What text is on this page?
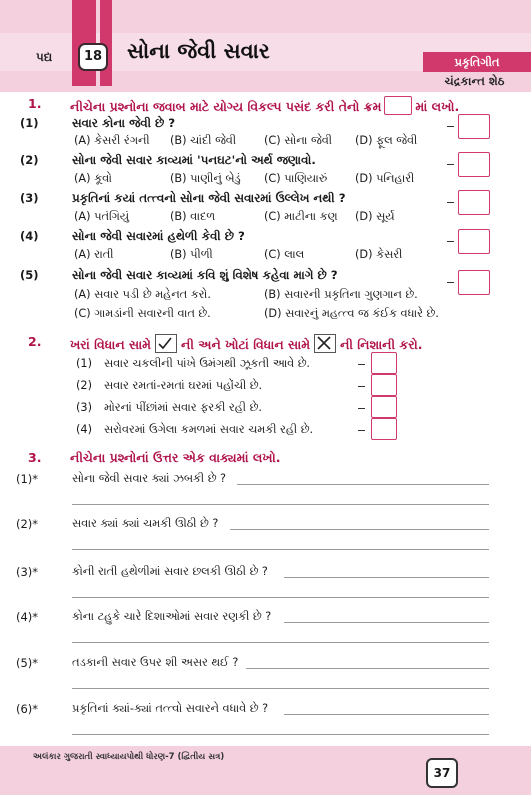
પદ્ય	18 સોના જેવી સવાર	પ્રકૃતિગીત
ચંદ્રકાન્ત શેઠ
1. નીચેના પ્રશ્નોના જવાબ માટે યોગ્ય વિકલ્પ પસંદ કરી તેનો ક્રમ	માં લખો.
(1)	સવાર કોના જેવી છે ?
(A) કેસરી રંગની (B) ચાંદી જેવી (C) સોના જેવી (D) ફૂલ જેવી
(2)	સોના જેવી સવાર કાવ્યમાં 'પનઘટ'નો અર્થ જણાવો.
(A) કૂવો	(B) પાણીનું બેડું (C) પાણિયારું (D) પનિહારી
(3)	પ્રકૃતિનાં કયાં તત્ત્વનો સોના જેવી સવારમાં ઉલ્લેખ નથી ?
(A) પતંગિયું	(B) વાદળ	(C) માટીના કણ (D) સૂર્ય
(4)	સોના જેવી સવારમાં હથેળી કેવી છે ?
(A) રાતી	(B) પીળી	(C) લાલ	(D) કેસરી
(5)	સોના જેવી સવાર કાવ્યમાં કવિ શું વિશેષ કહેવા માગે છે ?
(A) સવાર પડી છે મહેનત કરો.	(B) સવારની પ્રકૃતિના ગુણગાન છે.
(C) ગામડાંની સવારની વાત છે.	(D) સવારનું મહત્ત્વ જ કંઈક વધારે છે.
2. ખરાં વિધાન સામે ની અને ખોટાં વિધાન સામે ની નિશાની કરો.
(1) સવાર ચકલીની પાંખે ઉમંગથી ઝૂકતી આવે છે.
(2) સવાર રમતાં-રમતાં ઘરમાં પહોંચી છે.
(3) મોરનાં પીંછાંમાં સવાર ફરકી રહી છે.
(4) સરોવરમાં ઉગેલા કમળમાં સવાર ચમકી રહી છે.
3. નીચેના પ્રશ્નોનાં ઉત્તર એક વાક્યમાં લખો.
(1)*	સોના જેવી સવાર ક્યાં ઝબકી છે ?
(2)*	સવાર ક્યાં ક્યાં ચમકી ઊઠી છે ?
(3)*	કોની રાતી હથેળીમાં સવાર છલકી ઊઠી છે ?
(4)*	કોના ટહુકે ચારે દિશાઓમાં સવાર રણકી છે ?
(5)*	તડકાની સવાર ઉપર શી અસર થઈ ?
(6)*	પ્રકૃતિનાં ક્યાં-ક્યાં તત્ત્વો સવારને વધાવે છે ?
અલંકાર ગુજરાતી સ્વાધ્યાયપોથી ધોરણ-7 (દ્વિતીય સત્ર)
37
